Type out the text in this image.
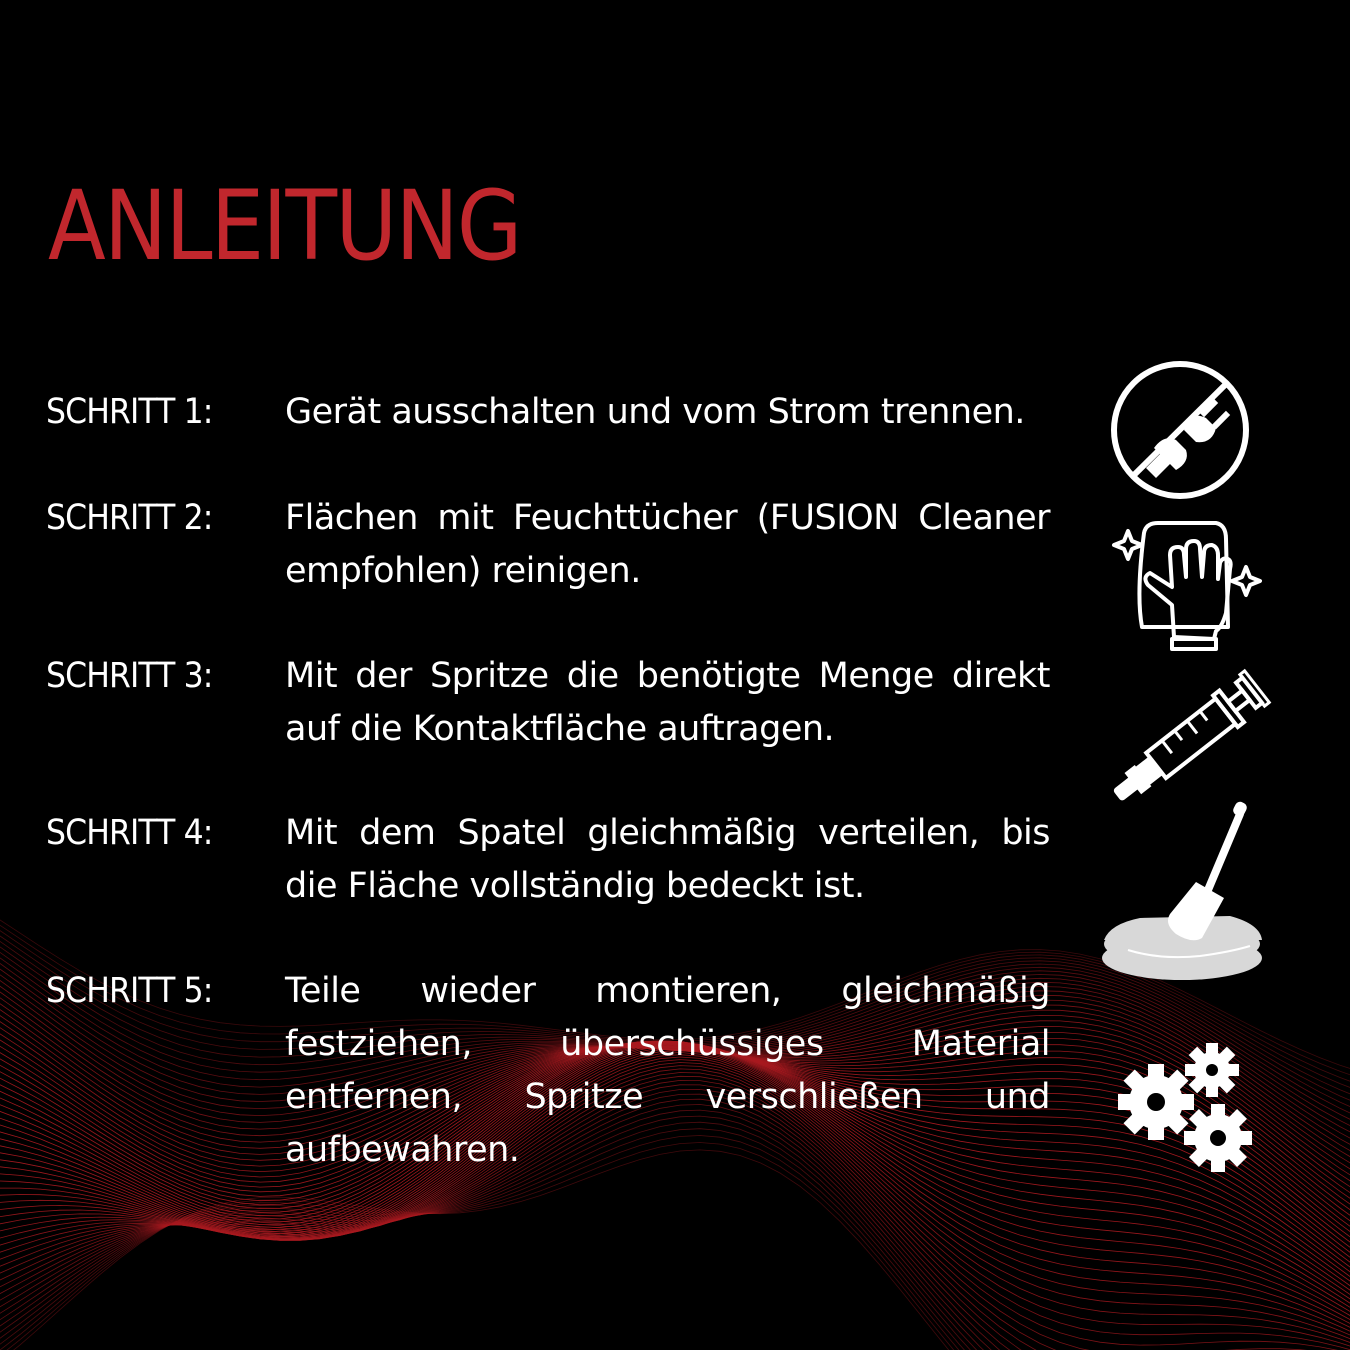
ANLEITUNG
SCHRITT 1: Gerät ausschalten und vom Strom trennen.
SCHRITT 2: Flächen mit Feuchttücher (FUSION Cleaner empfohlen) reinigen.
SCHRITT 3: Mit der Spritze die benötigte Menge direkt auf die Kontaktfläche auftragen.
SCHRITT 4: Mit dem Spatel gleichmäßig verteilen, bis die Fläche vollständig bedeckt ist.
SCHRITT 5: Teile wieder montieren, gleichmäßig festziehen, überschüssiges Material entfernen, Spritze verschließen und aufbewahren.
